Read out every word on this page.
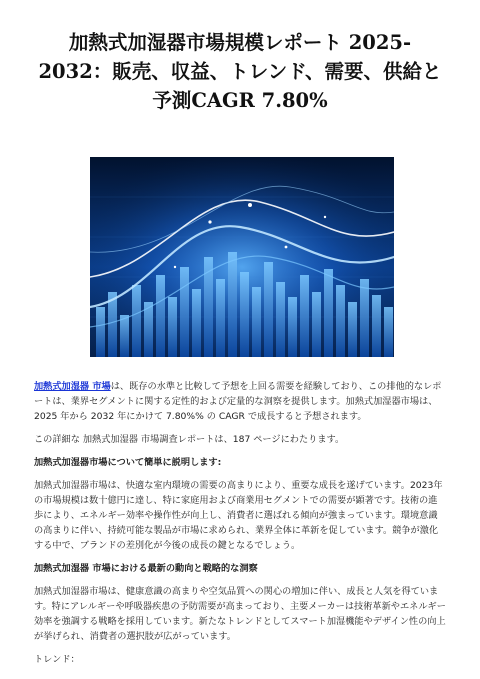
加熱式加湿器市場規模レポート 2025-2032：販売、収益、トレンド、需要、供給と予測CAGR 7.80%

加熱式加湿器 市場は、既存の水準と比較して予想を上回る需要を経験しており、この排他的なレポートは、業界セグメントに関する定性的および定量的な洞察を提供します。加熱式加湿器市場は、2025 年から 2032 年にかけて 7.80%% の CAGR で成長すると予想されます。

この詳細な 加熱式加湿器 市場調査レポートは、187 ページにわたります。

加熱式加湿器市場について簡単に説明します:

加熱式加湿器市場は、快適な室内環境の需要の高まりにより、重要な成長を遂げています。2023年の市場規模は数十億円に達し、特に家庭用および商業用セグメントでの需要が顕著です。技術の進歩により、エネルギー効率や操作性が向上し、消費者に選ばれる傾向が強まっています。環境意識の高まりに伴い、持続可能な製品が市場に求められ、業界全体に革新を促しています。競争が激化する中で、ブランドの差別化が今後の成長の鍵となるでしょう。

加熱式加湿器 市場における最新の動向と戦略的な洞察

加熱式加湿器市場は、健康意識の高まりや空気品質への関心の増加に伴い、成長と人気を得ています。特にアレルギーや呼吸器疾患の予防需要が高まっており、主要メーカーは技術革新やエネルギー効率を強調する戦略を採用しています。新たなトレンドとしてスマート加湿機能やデザイン性の向上が挙げられ、消費者の選択肢が広がっています。

トレンド：
